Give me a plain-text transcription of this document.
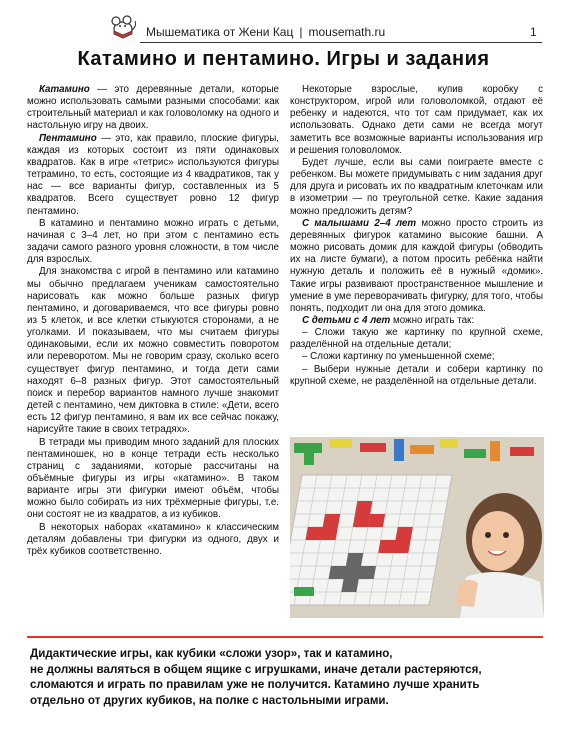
Мышематика от Жени Кац | mousemath.ru	1
Катамино и пентамино. Игры и задания

Катамино — это деревянные детали, которые можно использовать самыми разными способами: как строительный материал и как головоломку на одного и настольную игру на двоих.

Пентамино — это, как правило, плоские фигуры, каждая из которых состоит из пяти одинаковых квадратов. Как в игре «тетрис» используются фигуры тетрамино, то есть, состоящие из 4 квадратиков, так у нас — все варианты фигур, составленных из 5 квадратов. Всего существует ровно 12 фигур пентамино.

В катамино и пентамино можно играть с детьми, начиная с 3–4 лет, но при этом с пентамино есть задачи самого разного уровня сложности, в том числе для взрослых.

Для знакомства с игрой в пентамино или катамино мы обычно предлагаем ученикам самостоятельно нарисовать как можно больше разных фигур пентамино, и договариваемся, что все фигуры ровно из 5 клеток, и все клетки стыкуются сторонами, а не уголками. И показываем, что мы считаем фигуры одинаковыми, если их можно совместить поворотом или переворотом. Мы не говорим сразу, сколько всего существует фигур пентамино, и тогда дети сами находят 6–8 разных фигур. Этот самостоятельный поиск и перебор вариантов намного лучше знакомит детей с пентамино, чем диктовка в стиле: «Дети, всего есть 12 фигур пентамино, я вам их все сейчас покажу, нарисуйте такие в своих тетрадях».

В тетради мы приводим много заданий для плоских пентаминошек, но в конце тетради есть несколько страниц с заданиями, которые рассчитаны на объёмные фигуры из игры «катамино». В таком варианте игры эти фигурки имеют объём, чтобы можно было собирать из них трёхмерные фигуры, т.е. они состоят не из квадратов, а из кубиков.

В некоторых наборах «катамино» к классическим деталям добавлены три фигурки из одного, двух и трёх кубиков соответственно.

Некоторые взрослые, купив коробку с конструктором, игрой или головоломкой, отдают её ребенку и надеются, что тот сам придумает, как их использовать. Однако дети сами не всегда могут заметить все возможные варианты использования игр и решения головоломок.

Будет лучше, если вы сами поиграете вместе с ребенком. Вы можете придумывать с ним задания друг для друга и рисовать их по квадратным клеточкам или в изометрии — по треугольной сетке. Какие задания можно предложить детям?

С малышами 2–4 лет можно просто строить из деревянных фигурок катамино высокие башни. А можно рисовать домик для каждой фигуры (обводить их на листе бумаги), а потом просить ребёнка найти нужную деталь и положить её в нужный «домик». Такие игры развивают пространственное мышление и умение в уме переворачивать фигурку, для того, чтобы понять, подходит ли она для этого домика.

С детьми с 4 лет можно играть так:

– Сложи такую же картинку по крупной схеме, разделённой на отдельные детали;

– Сложи картинку по уменьшенной схеме;

– Выбери нужные детали и собери картинку по крупной схеме, не разделённой на отдельные детали.

Дидактические игры, как кубики «сложи узор», так и катамино,
не должны валяться в общем ящике с игрушками, иначе детали растеряются,
сломаются и играть по правилам уже не получится. Катамино лучше хранить
отдельно от других кубиков, на полке с настольными играми.
